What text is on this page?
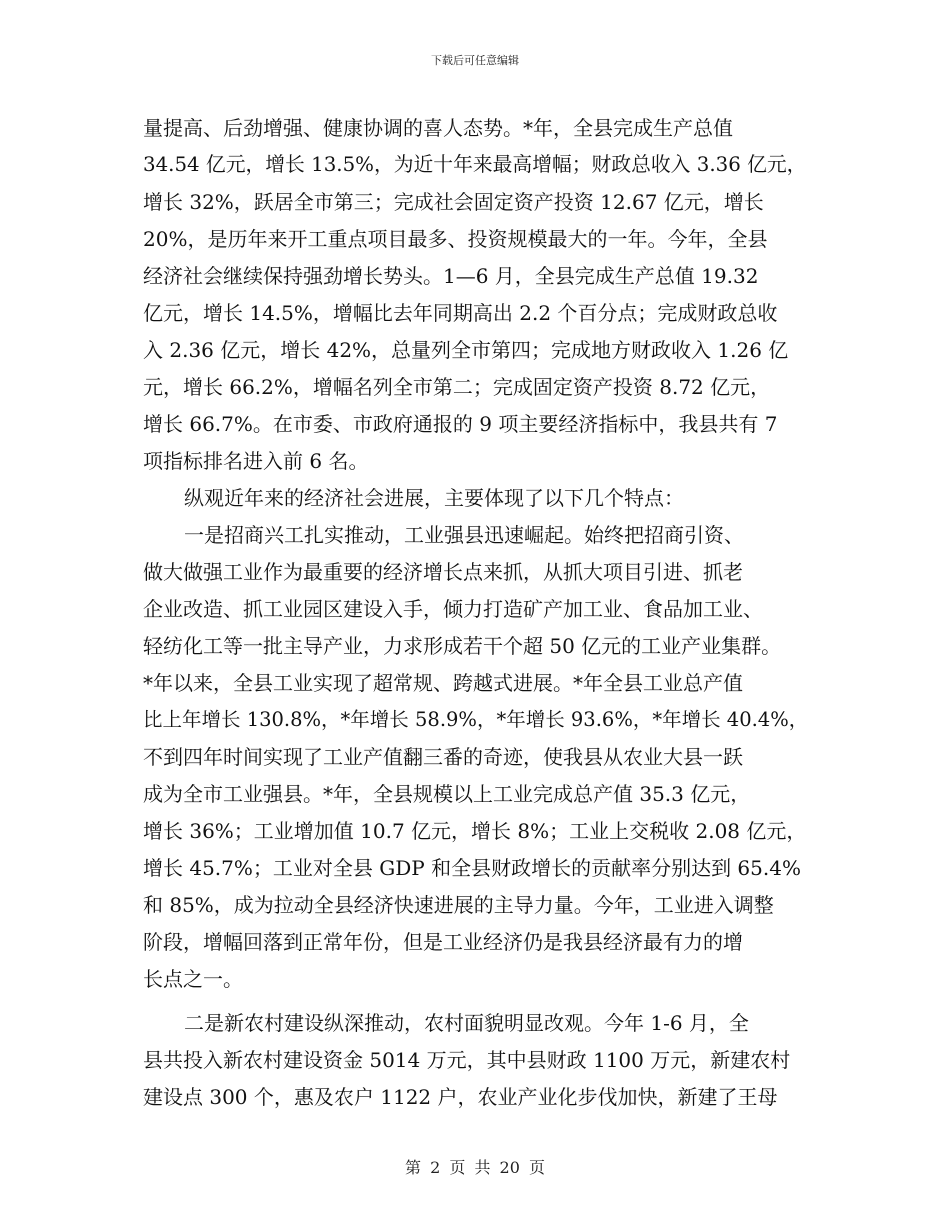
下载后可任意编辑
量提高、后劲增强、健康协调的喜人态势。*年，全县完成生产总值
34.54 亿元，增长 13.5%，为近十年来最高增幅；财政总收入 3.36 亿元，
增长 32%，跃居全市第三；完成社会固定资产投资 12.67 亿元，增长
20%，是历年来开工重点项目最多、投资规模最大的一年。今年，全县
经济社会继续保持强劲增长势头。1—6 月，全县完成生产总值 19.32
亿元，增长 14.5%，增幅比去年同期高出 2.2 个百分点；完成财政总收
入 2.36 亿元，增长 42%，总量列全市第四；完成地方财政收入 1.26 亿
元，增长 66.2%，增幅名列全市第二；完成固定资产投资 8.72 亿元，
增长 66.7%。在市委、市政府通报的 9 项主要经济指标中，我县共有 7
项指标排名进入前 6 名。
纵观近年来的经济社会进展，主要体现了以下几个特点：
一是招商兴工扎实推动，工业强县迅速崛起。始终把招商引资、
做大做强工业作为最重要的经济增长点来抓，从抓大项目引进、抓老
企业改造、抓工业园区建设入手，倾力打造矿产加工业、食品加工业、
轻纺化工等一批主导产业，力求形成若干个超 50 亿元的工业产业集群。
*年以来，全县工业实现了超常规、跨越式进展。*年全县工业总产值
比上年增长 130.8%，*年增长 58.9%，*年增长 93.6%，*年增长 40.4%，
不到四年时间实现了工业产值翻三番的奇迹，使我县从农业大县一跃
成为全市工业强县。*年，全县规模以上工业完成总产值 35.3 亿元，
增长 36%；工业增加值 10.7 亿元，增长 8%；工业上交税收 2.08 亿元，
增长 45.7%；工业对全县 GDP 和全县财政增长的贡献率分别达到 65.4%
和 85%，成为拉动全县经济快速进展的主导力量。今年，工业进入调整
阶段，增幅回落到正常年份，但是工业经济仍是我县经济最有力的增
长点之一。
二是新农村建设纵深推动，农村面貌明显改观。今年 1-6 月，全
县共投入新农村建设资金 5014 万元，其中县财政 1100 万元，新建农村
建设点 300 个，惠及农户 1122 户，农业产业化步伐加快，新建了王母
第 2 页 共 20 页
